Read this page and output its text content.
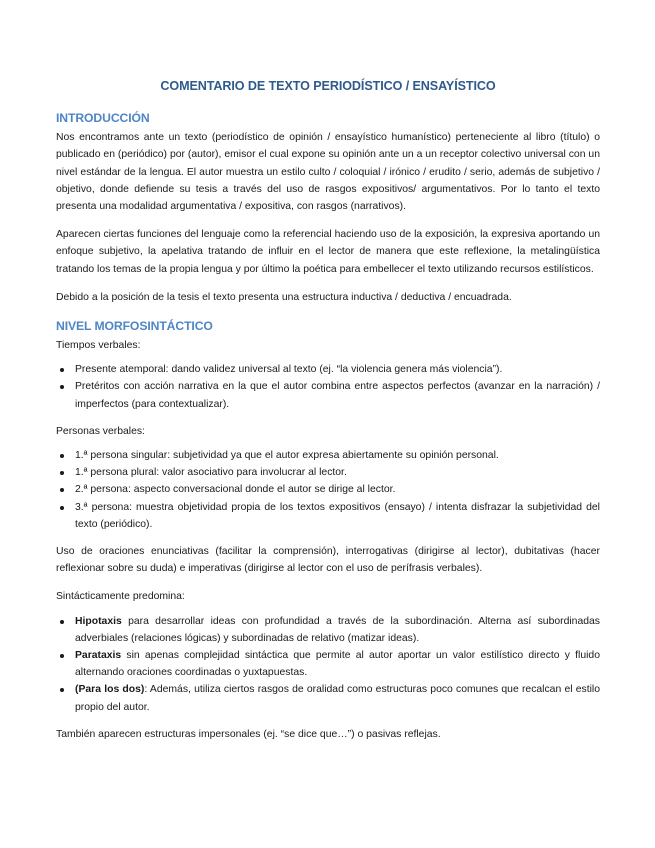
COMENTARIO DE TEXTO PERIODÍSTICO / ENSAYÍSTICO
INTRODUCCIÓN

Nos encontramos ante un texto (periodístico de opinión / ensayístico humanístico) perteneciente al libro (título) o publicado en (periódico) por (autor), emisor el cual expone su opinión ante un a un receptor colectivo universal con un nivel estándar de la lengua. El autor muestra un estilo culto / coloquial / irónico / erudito / serio, además de subjetivo / objetivo, donde defiende su tesis a través del uso de rasgos expositivos/ argumentativos. Por lo tanto el texto presenta una modalidad argumentativa / expositiva, con rasgos (narrativos).

Aparecen ciertas funciones del lenguaje como la referencial haciendo uso de la exposición, la expresiva aportando un enfoque subjetivo, la apelativa tratando de influir en el lector de manera que este reflexione, la metalingüística tratando los temas de la propia lengua y por último la poética para embellecer el texto utilizando recursos estilísticos.

Debido a la posición de la tesis el texto presenta una estructura inductiva / deductiva / encuadrada.

NIVEL MORFOSINTÁCTICO

Tiempos verbales:

Presente atemporal: dando validez universal al texto (ej. “la violencia genera más violencia”).
Pretéritos con acción narrativa en la que el autor combina entre aspectos perfectos (avanzar en la narración) / imperfectos (para contextualizar).

Personas verbales:

1.ª persona singular: subjetividad ya que el autor expresa abiertamente su opinión personal.
1.ª persona plural: valor asociativo para involucrar al lector.
2.ª persona: aspecto conversacional donde el autor se dirige al lector.
3.ª persona: muestra objetividad propia de los textos expositivos (ensayo) / intenta disfrazar la subjetividad del texto (periódico).

Uso de oraciones enunciativas (facilitar la comprensión), interrogativas (dirigirse al lector), dubitativas (hacer reflexionar sobre su duda) e imperativas (dirigirse al lector con el uso de perífrasis verbales).

Sintácticamente predomina:

Hipotaxis para desarrollar ideas con profundidad a través de la subordinación. Alterna así subordinadas adverbiales (relaciones lógicas) y subordinadas de relativo (matizar ideas).
Parataxis sin apenas complejidad sintáctica que permite al autor aportar un valor estilístico directo y fluido alternando oraciones coordinadas o yuxtapuestas.
(Para los dos): Además, utiliza ciertos rasgos de oralidad como estructuras poco comunes que recalcan el estilo propio del autor.

También aparecen estructuras impersonales (ej. “se dice que…”) o pasivas reflejas.
